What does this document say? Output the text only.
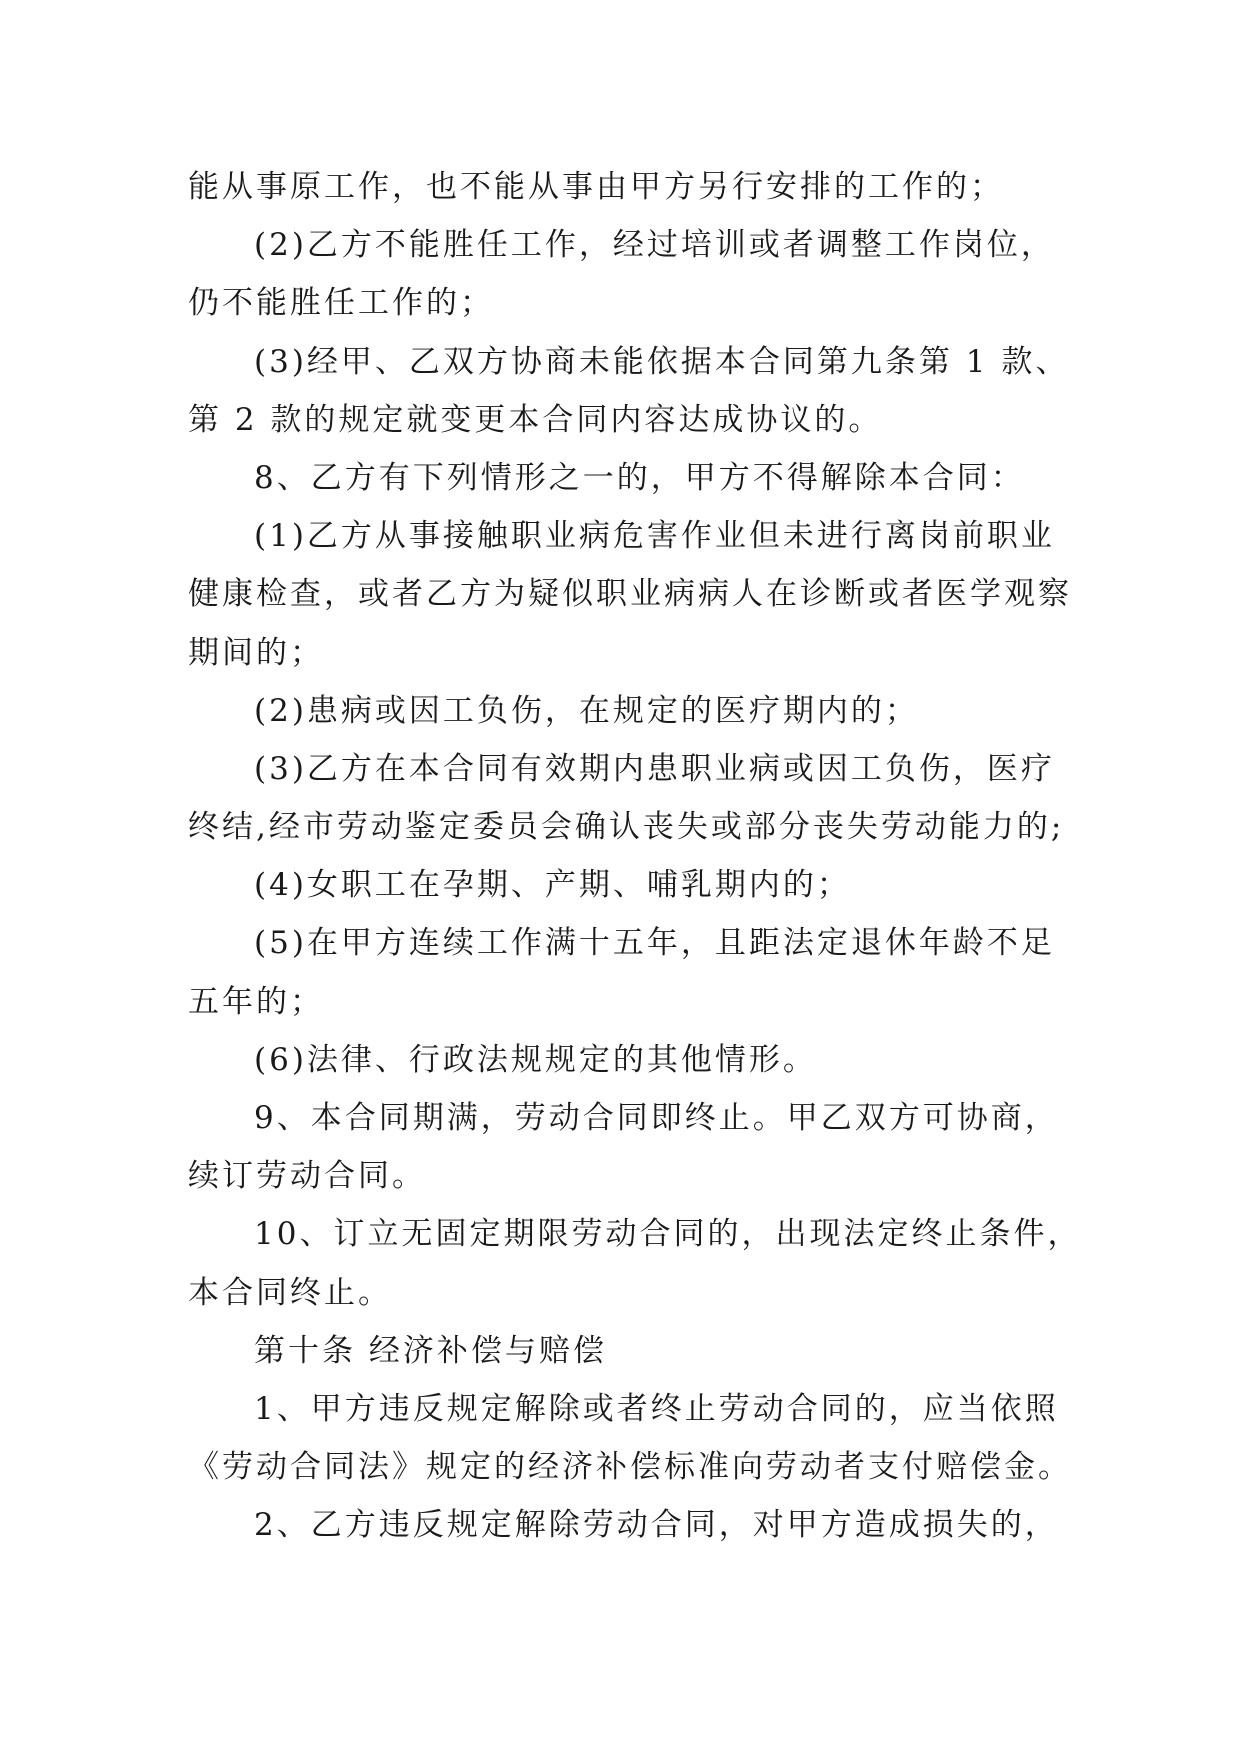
能从事原工作，也不能从事由甲方另行安排的工作的；
(2)乙方不能胜任工作，经过培训或者调整工作岗位，
仍不能胜任工作的；
(3)经甲、乙双方协商未能依据本合同第九条第 1 款、
第 2 款的规定就变更本合同内容达成协议的。
8、乙方有下列情形之一的，甲方不得解除本合同：
(1)乙方从事接触职业病危害作业但未进行离岗前职业
健康检查，或者乙方为疑似职业病病人在诊断或者医学观察
期间的；
(2)患病或因工负伤，在规定的医疗期内的；
(3)乙方在本合同有效期内患职业病或因工负伤，医疗
终结,经市劳动鉴定委员会确认丧失或部分丧失劳动能力的;
(4)女职工在孕期、产期、哺乳期内的；
(5)在甲方连续工作满十五年，且距法定退休年龄不足
五年的；
(6)法律、行政法规规定的其他情形。
9、本合同期满，劳动合同即终止。甲乙双方可协商，
续订劳动合同。
10、订立无固定期限劳动合同的，出现法定终止条件，
本合同终止。
第十条 经济补偿与赔偿
1、甲方违反规定解除或者终止劳动合同的，应当依照
《劳动合同法》规定的经济补偿标准向劳动者支付赔偿金。
2、乙方违反规定解除劳动合同，对甲方造成损失的，
